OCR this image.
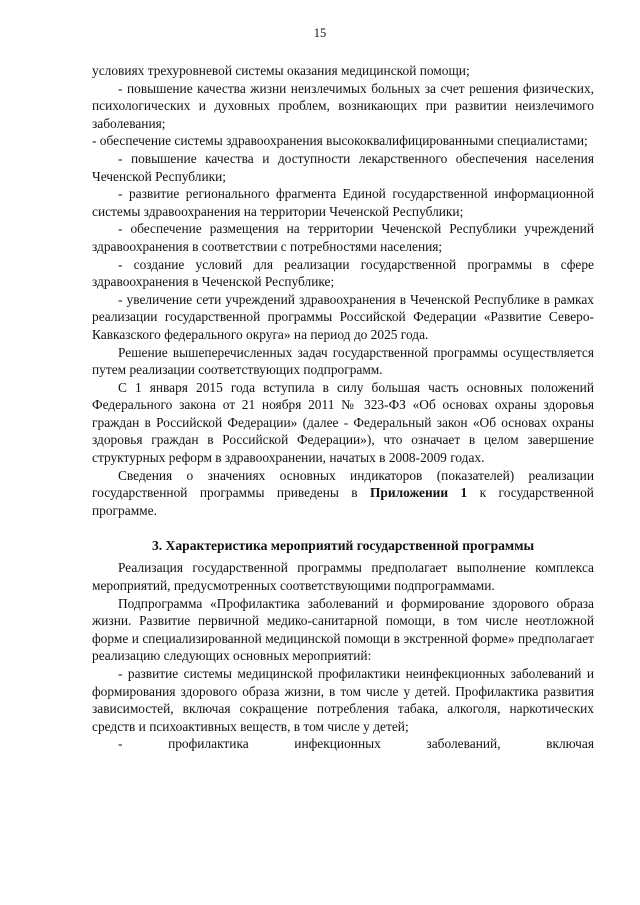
15

условиях трехуровневой системы оказания медицинской помощи;

- повышение качества жизни неизлечимых больных за счет решения физических, психологических и духовных проблем, возникающих при развитии неизлечимого заболевания;

- обеспечение системы здравоохранения высококвалифицированными специалистами;

- повышение качества и доступности лекарственного обеспечения населения Чеченской Республики;

- развитие регионального фрагмента Единой государственной информационной системы здравоохранения на территории Чеченской Республики;

- обеспечение размещения на территории Чеченской Республики учреждений здравоохранения в соответствии с потребностями населения;

- создание условий для реализации государственной программы в сфере здравоохранения в Чеченской Республике;

- увеличение сети учреждений здравоохранения в Чеченской Республике в рамках реализации государственной программы Российской Федерации «Развитие Северо-Кавказского федерального округа» на период до 2025 года.

Решение вышеперечисленных задач государственной программы осуществляется путем реализации соответствующих подпрограмм.

С 1 января 2015 года вступила в силу большая часть основных положений Федерального закона от 21 ноября 2011 № 323-ФЗ «Об основах охраны здоровья граждан в Российской Федерации» (далее - Федеральный закон «Об основах охраны здоровья граждан в Российской Федерации»), что означает в целом завершение структурных реформ в здравоохранении, начатых в 2008-2009 годах.

Сведения о значениях основных индикаторов (показателей) реализации государственной программы приведены в Приложении 1 к государственной программе.

3. Характеристика мероприятий государственной программы

Реализация государственной программы предполагает выполнение комплекса мероприятий, предусмотренных соответствующими подпрограммами.

Подпрограмма «Профилактика заболеваний и формирование здорового образа жизни. Развитие первичной медико-санитарной помощи, в том числе неотложной форме и специализированной медицинской помощи в экстренной форме» предполагает реализацию следующих основных мероприятий:

- развитие системы медицинской профилактики неинфекционных заболеваний и формирования здорового образа жизни, в том числе у детей. Профилактика развития зависимостей, включая сокращение потребления табака, алкоголя, наркотических средств и психоактивных веществ, в том числе у детей;

- профилактика инфекционных заболеваний, включая
